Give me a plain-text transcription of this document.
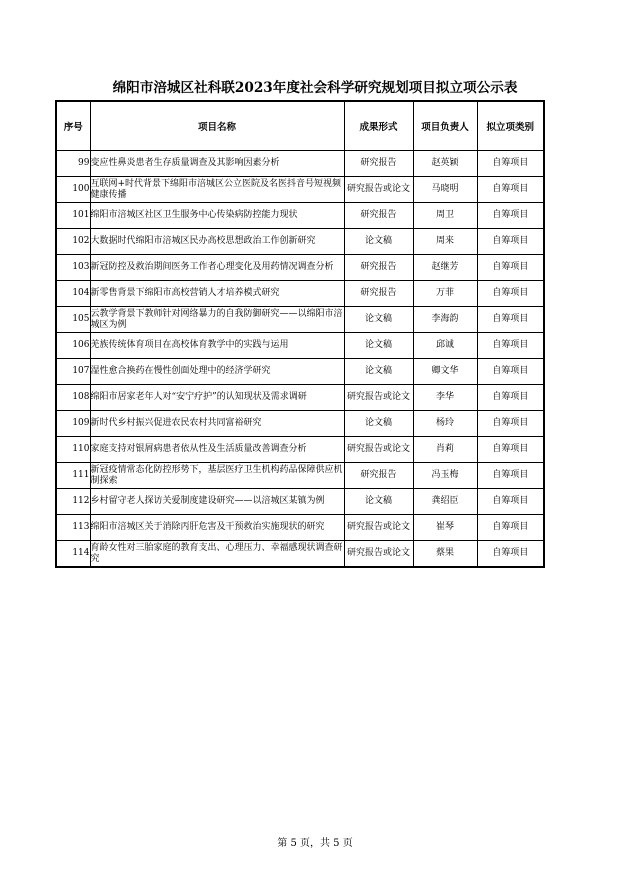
绵阳市涪城区社科联2023年度社会科学研究规划项目拟立项公示表
序号	项目名称	成果形式	项目负责人	拟立项类别
99	变应性鼻炎患者生存质量调查及其影响因素分析	研究报告	赵英颖	自筹项目
100	互联网+时代背景下绵阳市涪城区公立医院及名医抖音号短视频健康传播	研究报告或论文	马晓明	自筹项目
101	绵阳市涪城区社区卫生服务中心传染病防控能力现状	研究报告	周卫	自筹项目
102	大数据时代绵阳市涪城区民办高校思想政治工作创新研究	论文稿	周来	自筹项目
103	新冠防控及救治期间医务工作者心理变化及用药情况调查分析	研究报告	赵继芳	自筹项目
104	新零售背景下绵阳市高校营销人才培养模式研究	研究报告	万菲	自筹项目
105	云教学背景下教师针对网络暴力的自我防御研究——以绵阳市涪城区为例	论文稿	李海韵	自筹项目
106	羌族传统体育项目在高校体育教学中的实践与运用	论文稿	邱诚	自筹项目
107	湿性愈合换药在慢性创面处理中的经济学研究	论文稿	卿文华	自筹项目
108	绵阳市居家老年人对“安宁疗护”的认知现状及需求调研	研究报告或论文	李华	自筹项目
109	新时代乡村振兴促进农民农村共同富裕研究	论文稿	杨玲	自筹项目
110	家庭支持对银屑病患者依从性及生活质量改善调查分析	研究报告或论文	肖莉	自筹项目
111	新冠疫情常态化防控形势下，基层医疗卫生机构药品保障供应机制探索	研究报告	冯玉梅	自筹项目
112	乡村留守老人探访关爱制度建设研究——以涪城区某镇为例	论文稿	龚绍臣	自筹项目
113	绵阳市涪城区关于消除丙肝危害及干预救治实施现状的研究	研究报告或论文	崔琴	自筹项目
114	育龄女性对三胎家庭的教育支出、心理压力、幸福感现状调查研究	研究报告或论文	蔡果	自筹项目
第 5 页，共 5 页
